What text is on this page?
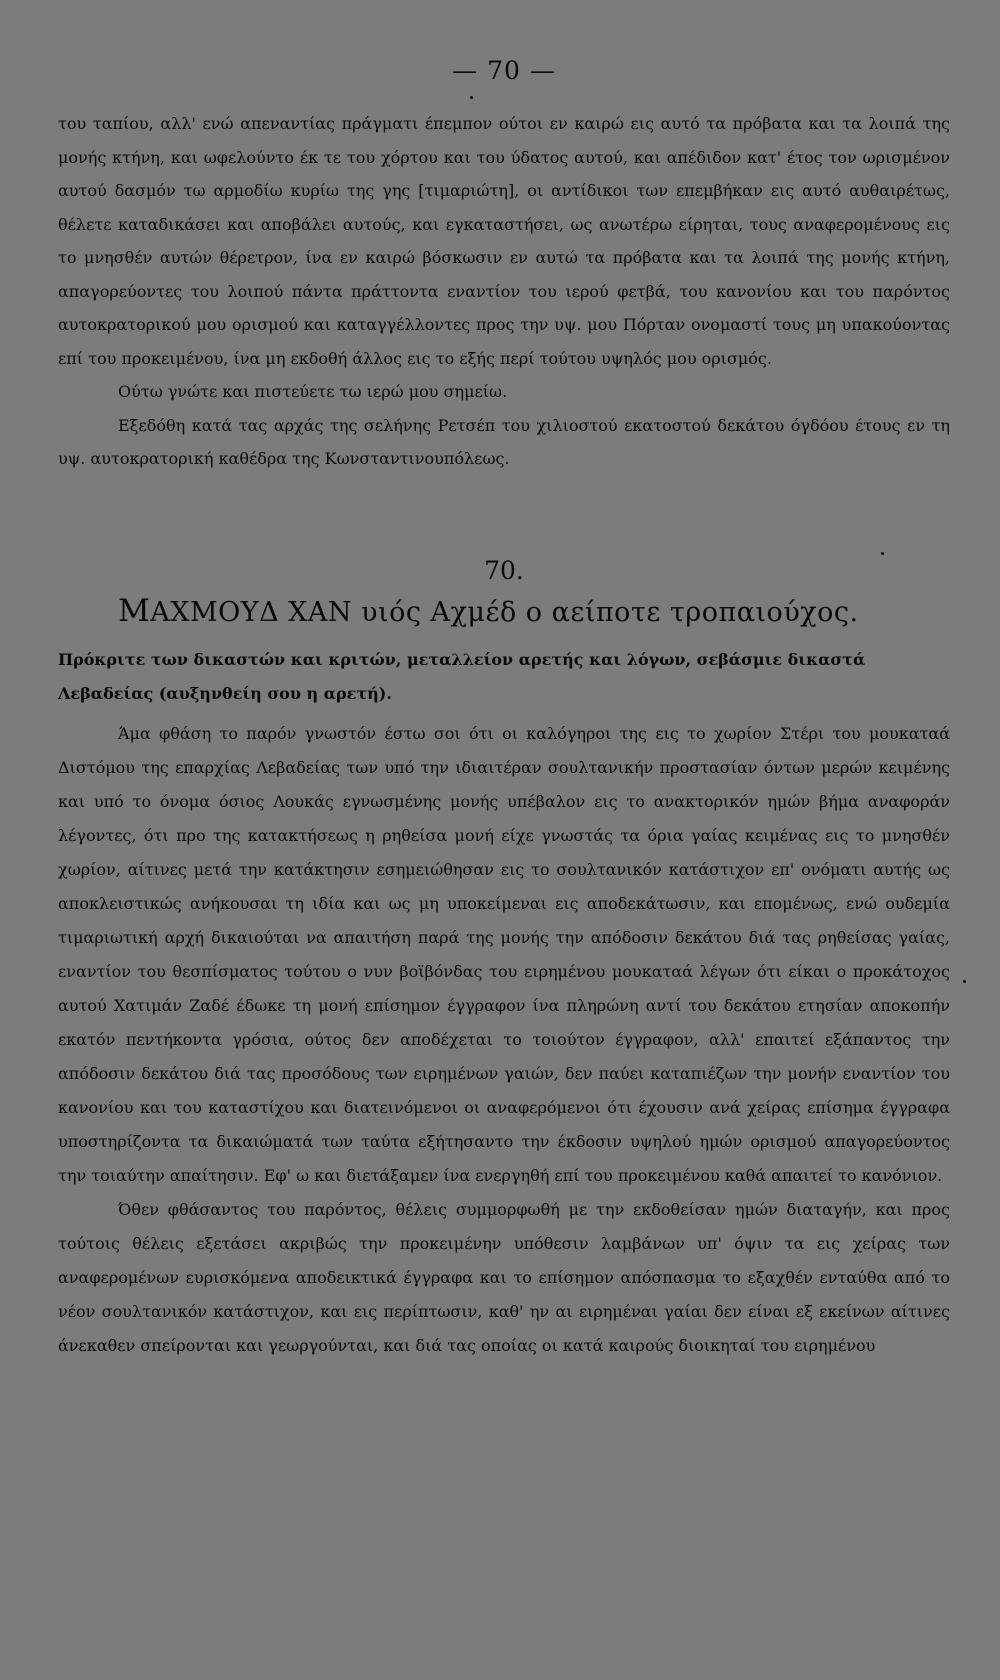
— 70 —

του ταπίου, αλλ' ενώ απεναντίας πράγματι έπεμπον ούτοι εν καιρώ εις αυτό τα πρόβατα και τα λοιπά της μονής κτήνη, και ωφελούντο έκ τε του χόρτου και του ύδατος αυτού, και απέδιδον κατ' έτος τον ωρισμένον αυτού δασμόν τω αρμοδίω κυρίω της γης [τιμαριώτη], οι αντίδικοι των επεμβήκαν εις αυτό αυθαιρέτως, θέλετε καταδικάσει και αποβάλει αυτούς, και εγκαταστήσει, ως ανωτέρω είρηται, τους αναφερομένους εις το μνησθέν αυτών θέρετρον, ίνα εν καιρώ βόσκωσιν εν αυτώ τα πρόβατα και τα λοιπά της μονής κτήνη, απαγορεύοντες του λοιπού πάντα πράττοντα εναντίον του ιερού φετβά, του κανονίου και του παρόντος αυτοκρατορικού μου ορισμού και καταγγέλλοντες προς την υψ. μου Πόρταν ονομαστί τους μη υπακούοντας επί του προκειμένου, ίνα μη εκδοθή άλλος εις το εξής περί τούτου υψηλός μου ορισμός.

Ούτω γνώτε και πιστεύετε τω ιερώ μου σημείω.

Εξεδόθη κατά τας αρχάς της σελήνης Ρετσέπ του χιλιοστού εκατοστού δεκάτου όγδόου έτους εν τη υψ. αυτοκρατορική καθέδρα της Κωνσταντινουπόλεως.

70.
ΜΑΧΜΟΥΔ ΧΑΝ υιός Αχμέδ ο αείποτε τροπαιούχος.

Πρόκριτε των δικαστών και κριτών, μεταλλείον αρετής και λόγων, σεβάσμιε δικαστά Λεβαδείας (αυξηνθείη σου η αρετή).

Άμα φθάση το παρόν γνωστόν έστω σοι ότι οι καλόγηροι της εις το χωρίον Στέρι του μουκαταά Διστόμου της επαρχίας Λεβαδείας των υπό την ιδιαιτέραν σουλτανικήν προστασίαν όντων μερών κειμένης και υπό το όνομα όσιος Λουκάς εγνωσμένης μονής υπέβαλον εις το ανακτορικόν ημών βήμα αναφοράν λέγοντες, ότι προ της κατακτήσεως η ρηθείσα μονή είχε γνωστάς τα όρια γαίας κειμένας εις το μνησθέν χωρίον, αίτινες μετά την κατάκτησιν εσημειώθησαν εις το σουλτανικόν κατάστιχον επ' ονόματι αυτής ως αποκλειστικώς ανήκουσαι τη ιδία και ως μη υποκείμεναι εις αποδεκάτωσιν, και επομένως, ενώ ουδεμία τιμαριωτική αρχή δικαιούται να απαιτήση παρά της μονής την απόδοσιν δεκάτου διά τας ρηθείσας γαίας, εναντίον του θεσπίσματος τούτου ο νυν βοϊβόνδας του ειρημένου μουκαταά λέγων ότι είκαι ο προκάτοχος αυτού Χατιμάν Ζαδέ έδωκε τη μονή επίσημον έγγραφον ίνα πληρώνη αντί του δεκάτου ετησίαν αποκοπήν εκατόν πεντήκοντα γρόσια, ούτος δεν αποδέχεται το τοιούτον έγγραφον, αλλ' επαιτεί εξάπαντος την απόδοσιν δεκάτου διά τας προσόδους των ειρημένων γαιών, δεν παύει καταπιέζων την μονήν εναντίον του κανονίου και του καταστίχου και διατεινόμενοι οι αναφερόμενοι ότι έχουσιν ανά χείρας επίσημα έγγραφα υποστηρίζοντα τα δικαιώματά των ταύτα εξήτησαντο την έκδοσιν υψηλού ημών ορισμού απαγορεύοντος την τοιαύτην απαίτησιν. Εφ' ω και διετάξαμεν ίνα ενεργηθή επί του προκειμένου καθά απαιτεί το κανόνιον.

Όθεν φθάσαντος του παρόντος, θέλεις συμμορφωθή με την εκδοθείσαν ημών διαταγήν, και προς τούτοις θέλεις εξετάσει ακριβώς την προκειμένην υπόθεσιν λαμβάνων υπ' όψιν τα εις χείρας των αναφερομένων ευρισκόμενα αποδεικτικά έγγραφα και το επίσημον απόσπασμα το εξαχθέν ενταύθα από το νέον σουλτανικόν κατάστιχον, και εις περίπτωσιν, καθ' ην αι ειρημέναι γαίαι δεν είναι εξ εκείνων αίτινες άνεκαθεν σπείρονται και γεωργούνται, και διά τας οποίας οι κατά καιρούς διοικηταί του ειρημένου
